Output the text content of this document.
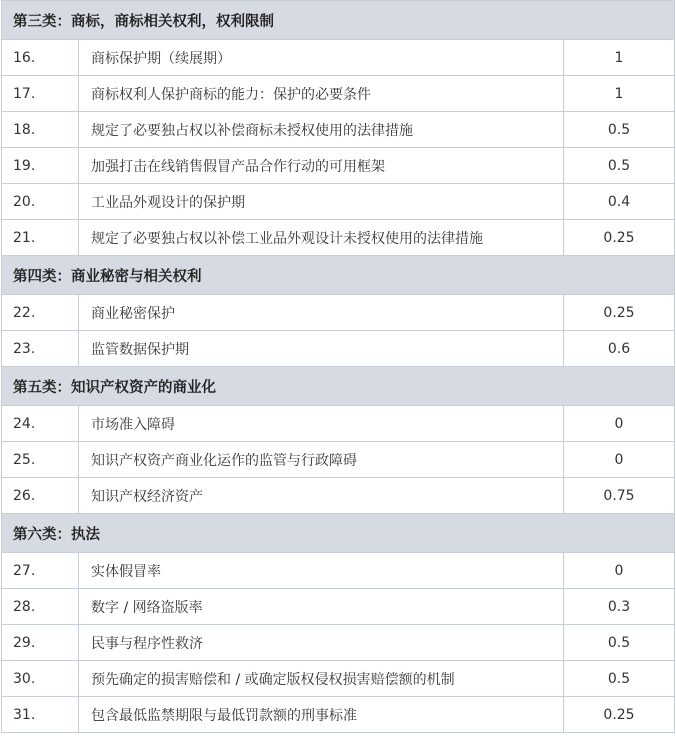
第三类：商标，商标相关权利，权利限制		
16.	商标保护期（续展期）	1
17.	商标权利人保护商标的能力：保护的必要条件	1
18.	规定了必要独占权以补偿商标未授权使用的法律措施	0.5
19.	加强打击在线销售假冒产品合作行动的可用框架	0.5
20.	工业品外观设计的保护期	0.4
21.	规定了必要独占权以补偿工业品外观设计未授权使用的法律措施	0.25
第四类：商业秘密与相关权利		
22.	商业秘密保护	0.25
23.	监管数据保护期	0.6
第五类：知识产权资产的商业化		
24.	市场准入障碍	0
25.	知识产权资产商业化运作的监管与行政障碍	0
26.	知识产权经济资产	0.75
第六类：执法		
27.	实体假冒率	0
28.	数字 / 网络盗版率	0.3
29.	民事与程序性救济	0.5
30.	预先确定的损害赔偿和 / 或确定版权侵权损害赔偿额的机制	0.5
31.	包含最低监禁期限与最低罚款额的刑事标准	0.25
